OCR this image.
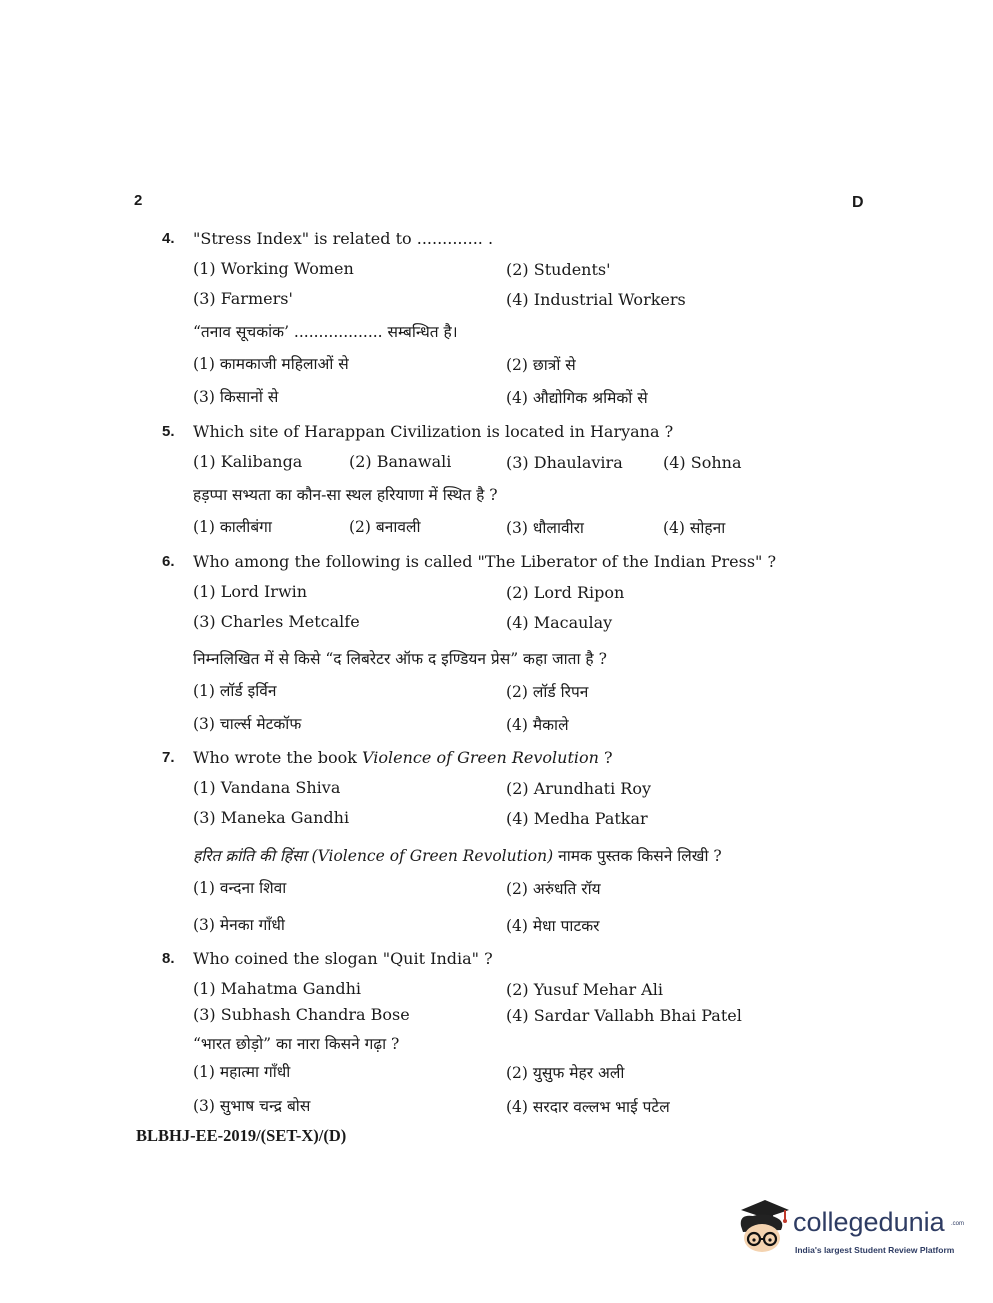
2	D
4. "Stress Index" is related to ............. .
(1) Working Women	(2) Students'
(3) Farmers'	(4) Industrial Workers
“तनाव सूचकांक’ .................. सम्बन्धित है।
(1) कामकाजी महिलाओं से	(2) छात्रों से
(3) किसानों से	(4) औद्योगिक श्रमिकों से
5. Which site of Harappan Civilization is located in Haryana ?
(1) Kalibanga	(2) Banawali	(3) Dhaulavira	(4) Sohna
हड़प्पा सभ्यता का कौन-सा स्थल हरियाणा में स्थित है ?
(1) कालीबंगा	(2) बनावली	(3) धौलावीरा	(4) सोहना
6. Who among the following is called "The Liberator of the Indian Press" ?
(1) Lord Irwin	(2) Lord Ripon
(3) Charles Metcalfe	(4) Macaulay
निम्नलिखित में से किसे “द लिबरेटर ऑफ द इण्डियन प्रेस” कहा जाता है ?
(1) लॉर्ड इर्विन	(2) लॉर्ड रिपन
(3) चार्ल्स मेटकॉफ	(4) मैकाले
7. Who wrote the book Violence of Green Revolution ?
(1) Vandana Shiva	(2) Arundhati Roy
(3) Maneka Gandhi	(4) Medha Patkar
हरित क्रांति की हिंसा (Violence of Green Revolution) नामक पुस्तक किसने लिखी ?
(1) वन्दना शिवा	(2) अरुंधति रॉय
(3) मेनका गाँधी	(4) मेधा पाटकर
8. Who coined the slogan "Quit India" ?
(1) Mahatma Gandhi	(2) Yusuf Mehar Ali
(3) Subhash Chandra Bose	(4) Sardar Vallabh Bhai Patel
“भारत छोड़ो” का नारा किसने गढ़ा ?
(1) महात्मा गाँधी	(2) युसुफ मेहर अली
(3) सुभाष चन्द्र बोस	(4) सरदार वल्लभ भाई पटेल
BLBHJ-EE-2019/(SET-X)/(D)
collegedunia .com
India's largest Student Review Platform
